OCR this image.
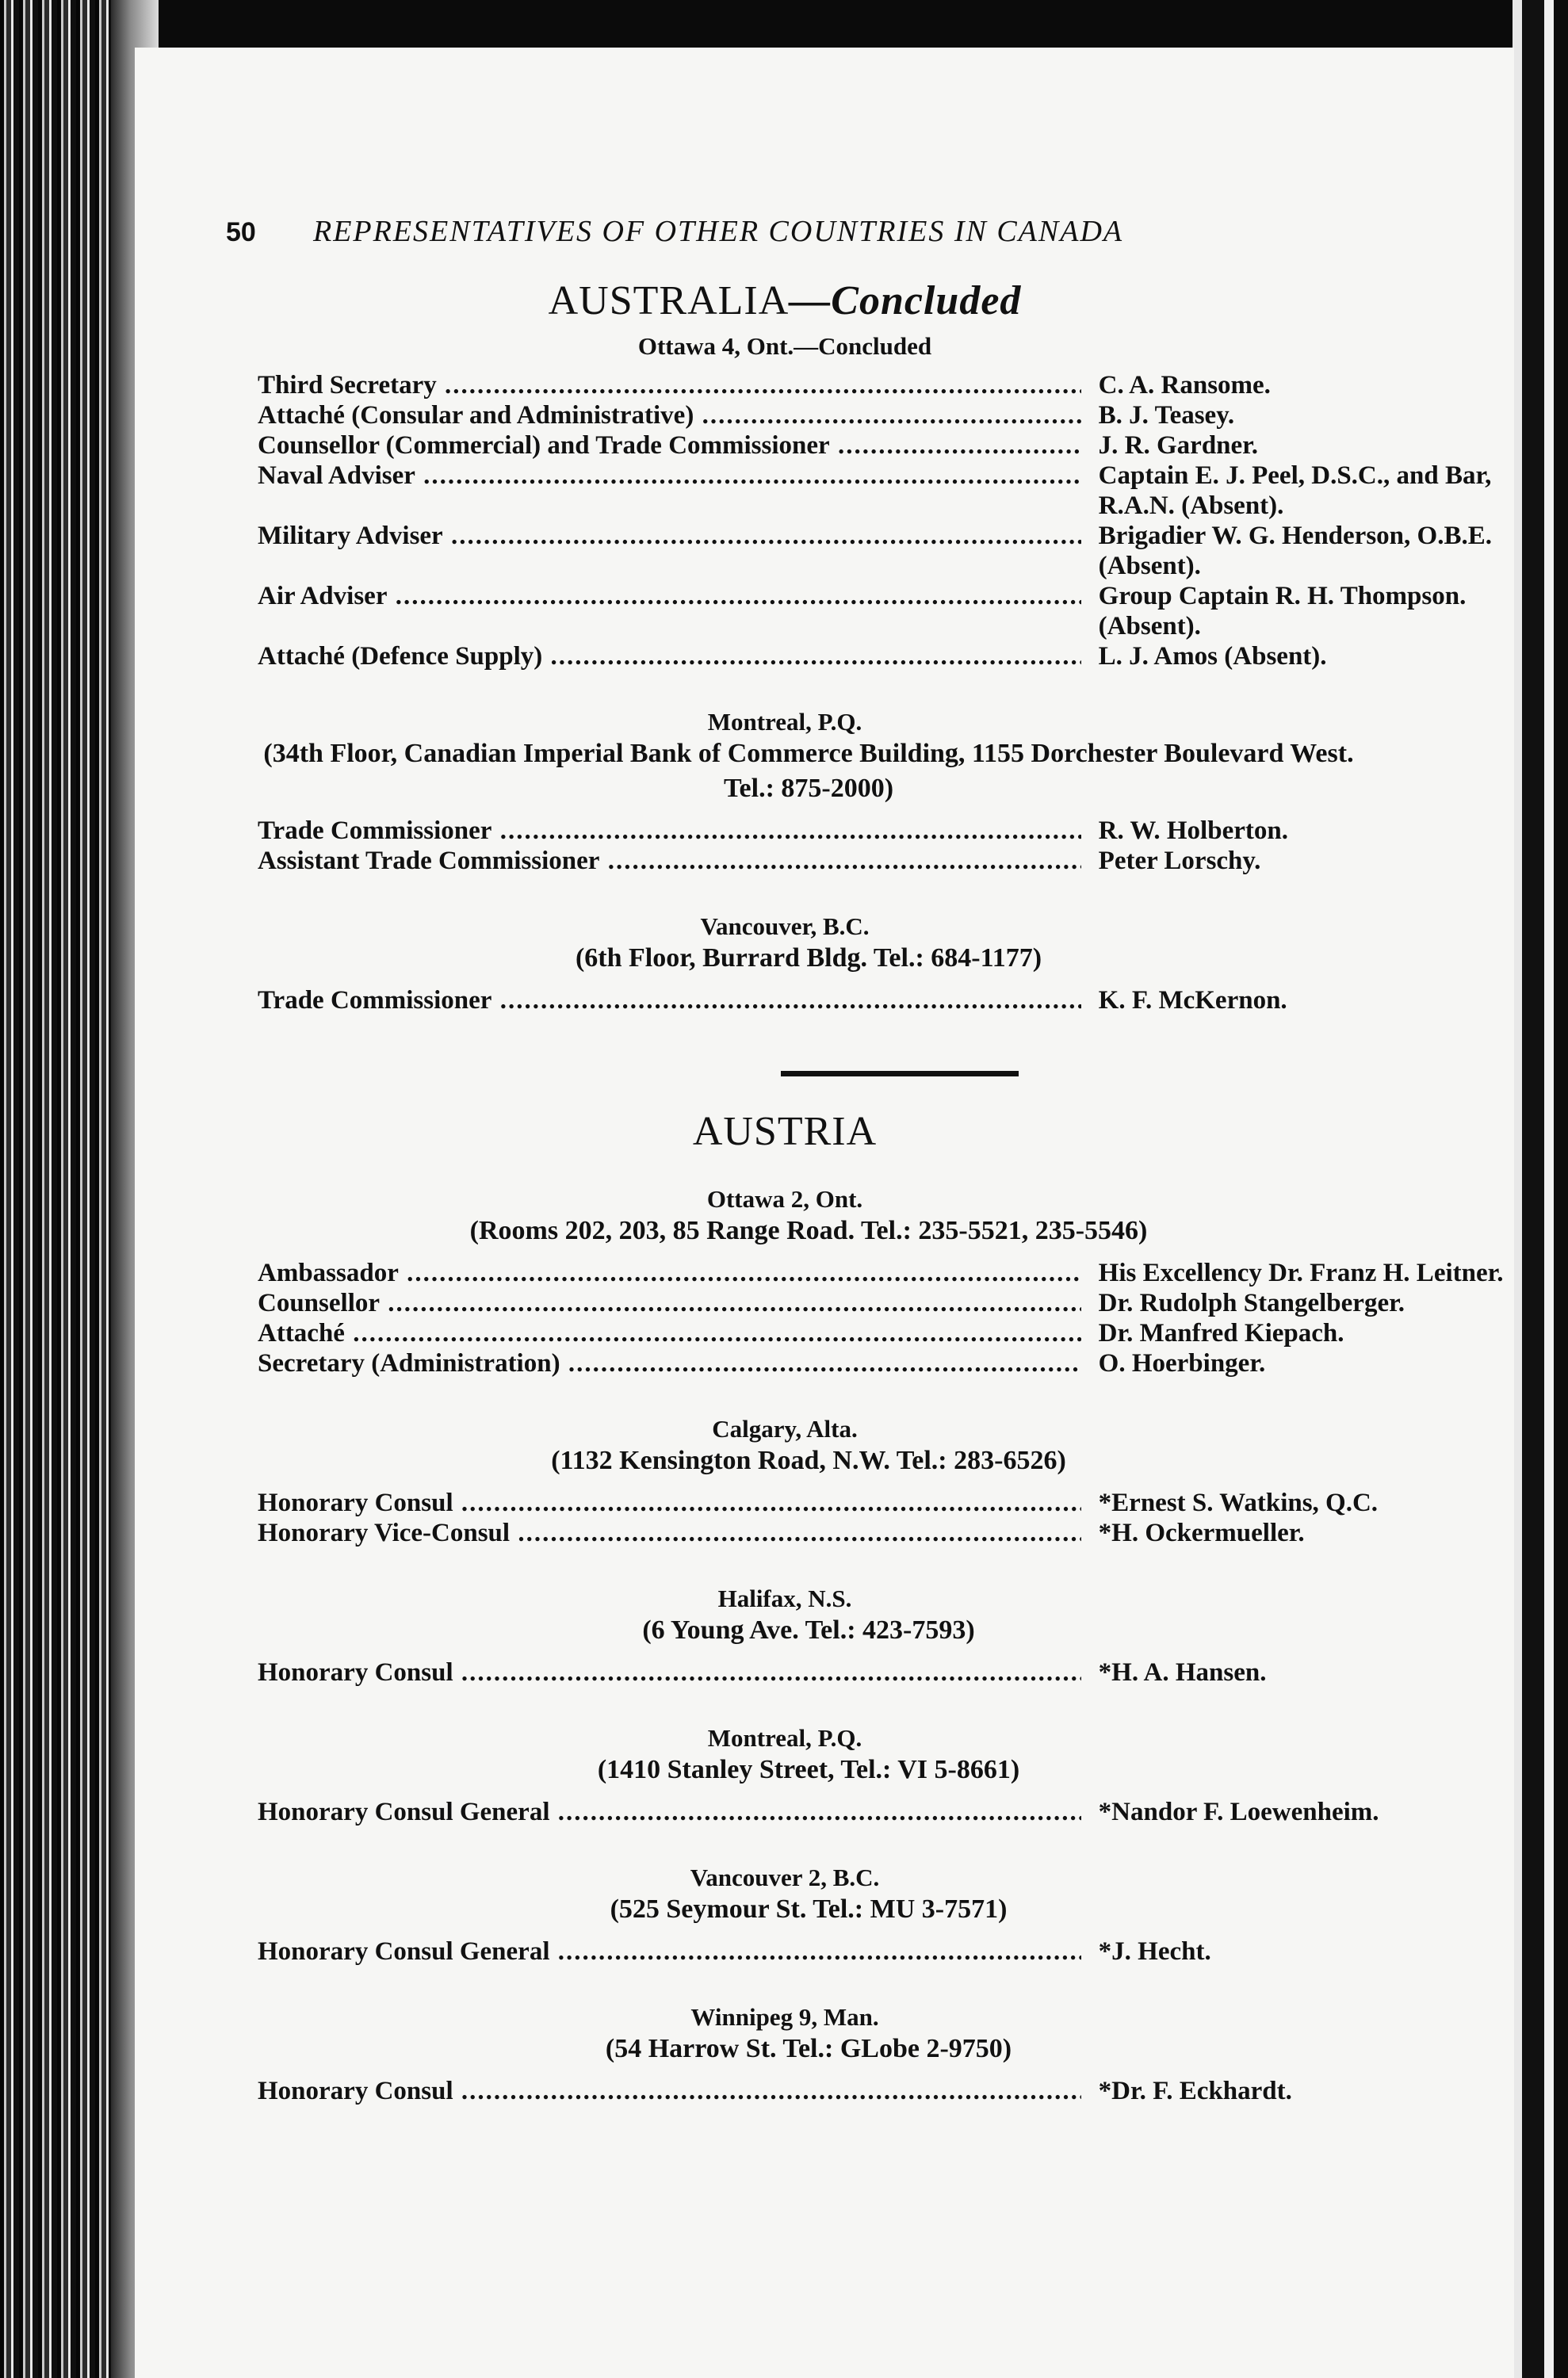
50 REPRESENTATIVES OF OTHER COUNTRIES IN CANADA
AUSTRALIA—Concluded
Ottawa 4, Ont.—Concluded
Third Secretary .....	C. A. Ransome.
Attaché (Consular and Administrative) .....	B. J. Teasey.
Counsellor (Commercial) and Trade Commissioner .....	J. R. Gardner.
Naval Adviser .....	Captain E. J. Peel, D.S.C., and Bar, R.A.N. (Absent).
Military Adviser .....	Brigadier W. G. Henderson, O.B.E. (Absent).
Air Adviser .....	Group Captain R. H. Thompson. (Absent).
Attaché (Defence Supply) .....	L. J. Amos (Absent).
Montreal, P.Q.
(34th Floor, Canadian Imperial Bank of Commerce Building, 1155 Dorchester Boulevard West. Tel.: 875-2000)
Trade Commissioner .....	R. W. Holberton.
Assistant Trade Commissioner .....	Peter Lorschy.
Vancouver, B.C.
(6th Floor, Burrard Bldg. Tel.: 684-1177)
Trade Commissioner .....	K. F. McKernon.
AUSTRIA
Ottawa 2, Ont.
(Rooms 202, 203, 85 Range Road. Tel.: 235-5521, 235-5546)
Ambassador .....	His Excellency Dr. Franz H. Leitner.
Counsellor .....	Dr. Rudolph Stangelberger.
Attaché .....	Dr. Manfred Kiepach.
Secretary (Administration) .....	O. Hoerbinger.
Calgary, Alta.
(1132 Kensington Road, N.W. Tel.: 283-6526)
Honorary Consul .....	*Ernest S. Watkins, Q.C.
Honorary Vice-Consul .....	*H. Ockermueller.
Halifax, N.S.
(6 Young Ave. Tel.: 423-7593)
Honorary Consul .....	*H. A. Hansen.
Montreal, P.Q.
(1410 Stanley Street, Tel.: VI 5-8661)
Honorary Consul General .....	*Nandor F. Loewenheim.
Vancouver 2, B.C.
(525 Seymour St. Tel.: MU 3-7571)
Honorary Consul General .....	*J. Hecht.
Winnipeg 9, Man.
(54 Harrow St. Tel.: GLobe 2-9750)
Honorary Consul .....	*Dr. F. Eckhardt.
